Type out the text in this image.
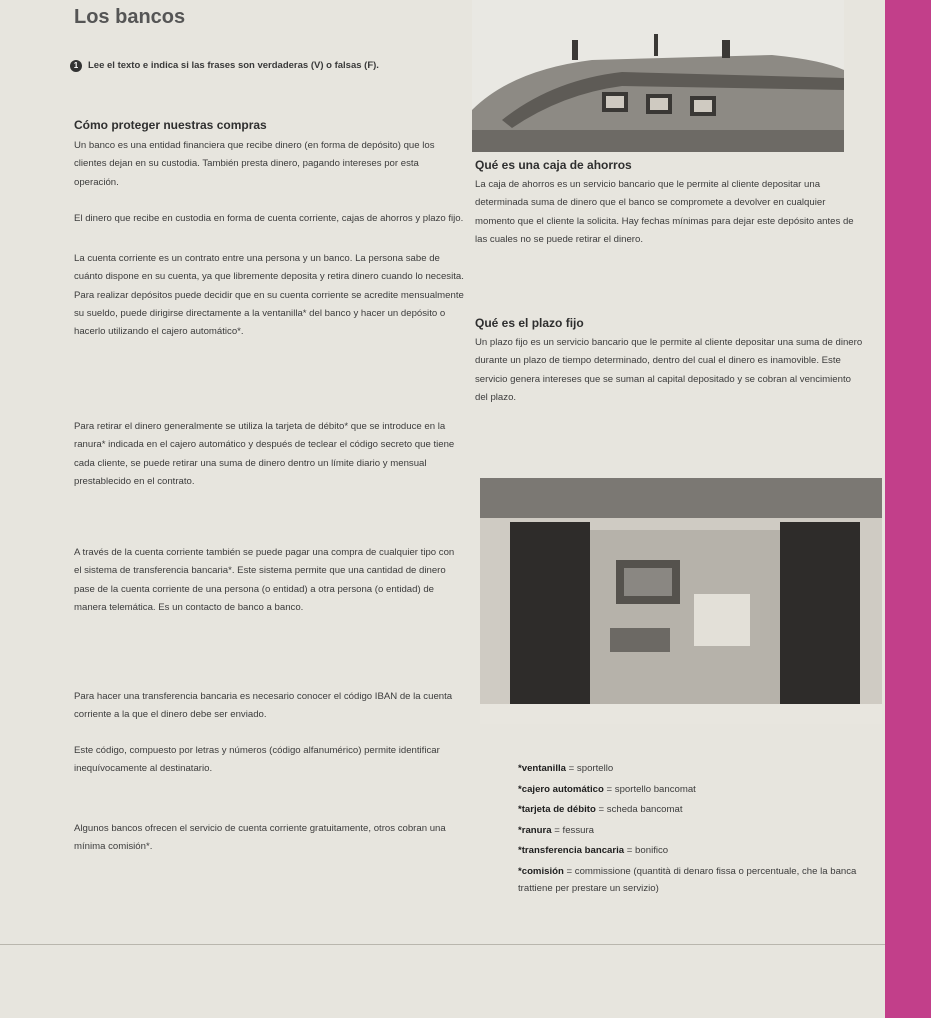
Los bancos
1 Lee el texto e indica si las frases son verdaderas (V) o falsas (F).
Cómo proteger nuestras compras

Un banco es una entidad financiera que recibe dinero (en forma de depósito) que los clientes dejan en su custodia. También presta dinero, pagando intereses por esta operación.

El dinero que recibe en custodia en forma de cuenta corriente, cajas de ahorros y plazo fijo.

La cuenta corriente es un contrato entre una persona y un banco. La persona sabe de cuánto dispone en su cuenta, ya que libremente deposita y retira dinero cuando lo necesita. Para realizar depósitos puede decidir que en su cuenta corriente se acredite mensualmente su sueldo, puede dirigirse directamente a la ventanilla* del banco y hacer un depósito o hacerlo utilizando el cajero automático*.

Para retirar el dinero generalmente se utiliza la tarjeta de débito* que se introduce en la ranura* indicada en el cajero automático y después de teclear el código secreto que tiene cada cliente, se puede retirar una suma de dinero dentro un límite diario y mensual prestablecido en el contrato.

A través de la cuenta corriente también se puede pagar una compra de cualquier tipo con el sistema de transferencia bancaria*. Este sistema permite que una cantidad de dinero pase de la cuenta corriente de una persona (o entidad) a otra persona (o entidad) de manera telemática. Es un contacto de banco a banco.

Para hacer una transferencia bancaria es necesario conocer el código IBAN de la cuenta corriente a la que el dinero debe ser enviado.

Este código, compuesto por letras y números (código alfanumérico) permite identificar inequívocamente al destinatario.

Algunos bancos ofrecen el servicio de cuenta corriente gratuitamente, otros cobran una mínima comisión*.

Qué es una caja de ahorros

La caja de ahorros es un servicio bancario que le permite al cliente depositar una determinada suma de dinero que el banco se compromete a devolver en cualquier momento que el cliente la solicita. Hay fechas mínimas para dejar este depósito antes de las cuales no se puede retirar el dinero.

Qué es el plazo fijo

Un plazo fijo es un servicio bancario que le permite al cliente depositar una suma de dinero durante un plazo de tiempo determinado, dentro del cual el dinero es inamovible. Este servicio genera intereses que se suman al capital depositado y se cobran al vencimiento del plazo.

*ventanilla = sportello
*cajero automático = sportello bancomat
*tarjeta de débito = scheda bancomat
*ranura = fessura
*transferencia bancaria = bonifico
*comisión = commissione (quantità di denaro fissa o percentuale, che la banca trattiene per prestare un servizio)
